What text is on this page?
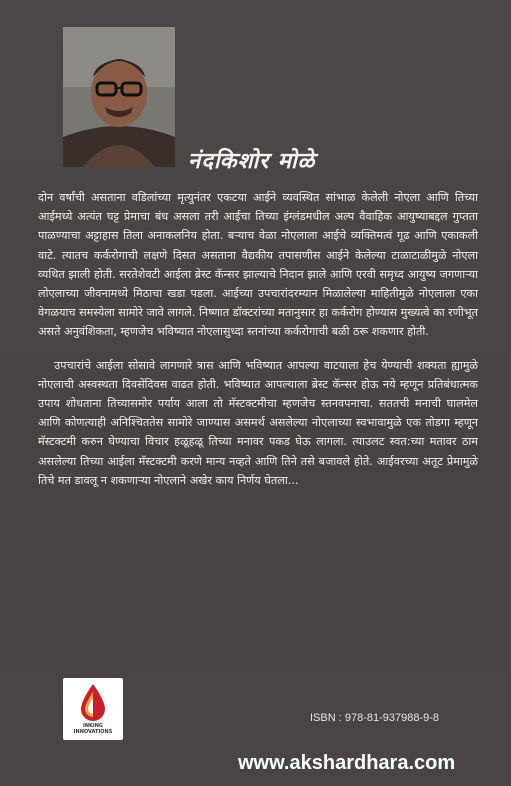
नंदकिशोर मोळे

दोन वर्षांची असताना वडिलांच्या मृत्युनंतर एकटया आईने व्यवस्थित सांभाळ केलेली नोएला आणि तिच्या आईमध्ये अत्यंत घट्ट प्रेमाचा बंध असला तरी आईचा तिच्या इंग्लंडमधील अल्प वैवाहिक आयुष्याबद्दल गुप्तता पाळण्याचा अट्टाहास तिला अनाकलनिय होता. बऱ्याच वेळा नोएलाला आईचे व्यक्तिमत्वं गूढ आणि एकाकली वाटे. त्यातच कर्करोगाची लक्षणे दिसत असताना वैद्यकीय तपासणीस आईने केलेल्या टाळाटाळीमुळे नोएला व्यथित झाली होती. सरतेशेवटी आईला ब्रेस्ट कॅन्सर झाल्याचे निदान झाले आणि एरवी समृध्द आयुष्य जगणाऱ्या लोएलाच्या जीवनामध्ये मिठाचा खडा पडला. आईच्या उपचारांदरम्यान मिळालेल्या माहितीमुळे नोएलाला एका वेगळयाच समस्येला सामोरे जावे लागले. निष्णात डॉक्टरांच्या मतानुसार हा कर्करोग होण्यास मुख्यत्वे का रणीभूत असते अनुवंशिकता, म्हणजेच भविष्यात नोएलासुध्दा स्तनांच्या कर्करोगाची बळी ठरू शकणार होती.

उपचारांचे आईला सोसावे लागणारे त्रास आणि भविष्यात आपल्या वाटयाला हेच येण्याची शक्यता ह्यामुळे नोएलाची अस्वस्थता दिवसेंदिवस वाढत होती. भविष्यात आपल्याला ब्रेस्ट कॅन्सर होऊ नये म्हणून प्रतिबंधात्मक उपाय शोधताना तिच्यासमोर पर्याय आला तो मॅस्टक्टमीचा म्हणजेच स्तनवपनाचा. सततची मनाची घालमेल आणि कोणत्याही अनिश्चिततेस सामोरे जाण्यास असमर्थ असलेल्या नोएलाच्या स्वभावामुळे एक तोडगा म्हणून मॅस्टक्टमी करुन घेण्याचा विचार हळूहळू तिच्या मनावर पकड घेऊ लागला. त्याउलट स्वत:च्या मतावर ठाम असलेल्या तिच्या आईला मॅस्टक्टमी करणे मान्य नव्हते आणि तिने तसे बजावले होते. आईवरच्या अतूट प्रेमामुळे तिचे मत डावलू न शकणाऱ्या नोएलाने अखेर काय निर्णय घेतला...

INKING INNOVATIONS
ISBN : 978-81-937988-9-8
www.akshardhara.com
